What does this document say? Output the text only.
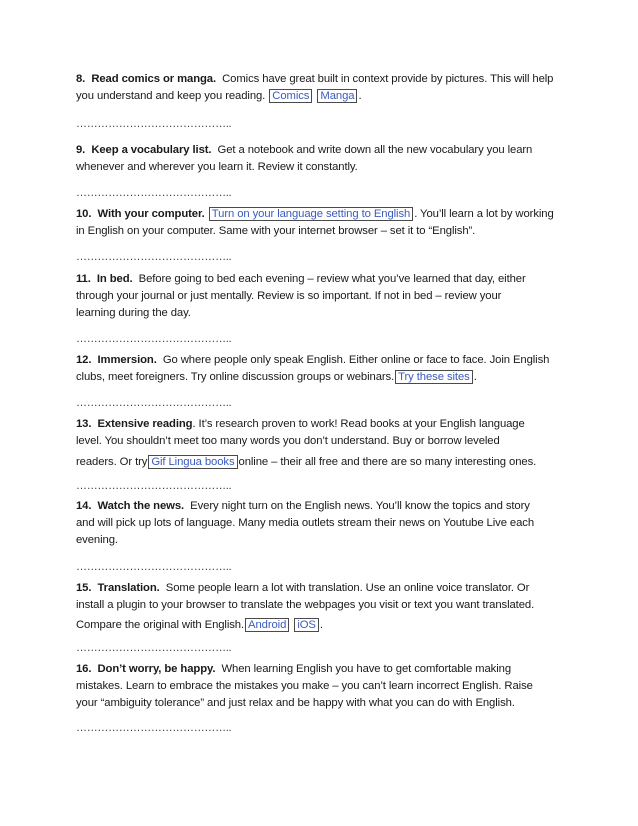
8. Read comics or manga. Comics have great built in context provide by pictures. This will help
you understand and keep you reading. Comics Manga .
……………………………………..
9. Keep a vocabulary list. Get a notebook and write down all the new vocabulary you learn
whenever and wherever you learn it. Review it constantly.
……………………………………..
10. With your computer. Turn on your language setting to English . You’ll learn a lot by working
in English on your computer. Same with your internet browser – set it to “English”.
……………………………………..
11. In bed. Before going to bed each evening – review what you’ve learned that day, either
through your journal or just mentally. Review is so important. If not in bed – review your
learning during the day.
……………………………………..
12. Immersion. Go where people only speak English. Either online or face to face. Join English
clubs, meet foreigners. Try online discussion groups or webinars. Try these sites .
……………………………………..
13. Extensive reading. It’s research proven to work! Read books at your English language
level. You shouldn’t meet too many words you don’t understand. Buy or borrow leveled
readers. Or try Gif Lingua books online – their all free and there are so many interesting ones.
……………………………………..
14. Watch the news. Every night turn on the English news. You’ll know the topics and story
and will pick up lots of language. Many media outlets stream their news on Youtube Live each
evening.
……………………………………..
15. Translation. Some people learn a lot with translation. Use an online voice translator. Or
install a plugin to your browser to translate the webpages you visit or text you want translated.
Compare the original with English. Android iOS .
……………………………………..
16. Don’t worry, be happy. When learning English you have to get comfortable making
mistakes. Learn to embrace the mistakes you make – you can’t learn incorrect English. Raise
your “ambiguity tolerance” and just relax and be happy with what you can do with English.
……………………………………..
